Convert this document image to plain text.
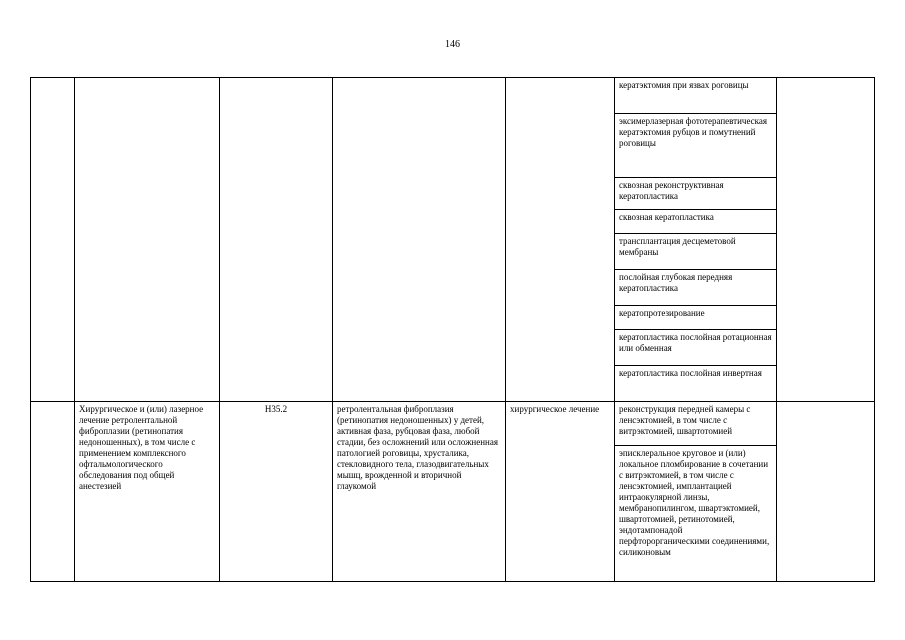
146
					кератэктомия при язвах роговицы	
					эксимерлазерная фототерапевтическая кератэктомия рубцов и помутнений роговицы	
					сквозная реконструктивная кератопластика	
					сквозная кератопластика	
					трансплантация десцеметовой мембраны	
					послойная глубокая передняя кератопластика	
					кератопротезирование	
					кератопластика послойная ротационная или обменная	
					кератопластика послойная инвертная	
	Хирургическое и (или) лазерное лечение ретролентальной фиброплазии (ретинопатия недоношенных), в том числе с применением комплексного офтальмологического обследования под общей анестезией	H35.2	ретролентальная фиброплазия (ретинопатия недоношенных) у детей, активная фаза, рубцовая фаза, любой стадии, без осложнений или осложненная патологией роговицы, хрусталика, стекловидного тела, глазодвигательных мышц, врожденной и вторичной глаукомой	хирургическое лечение	реконструкция передней камеры с ленсэктомией, в том числе с витрэктомией, швартотомией	
					эписклеральное круговое и (или) локальное пломбирование в сочетании с витрэктомией, в том числе с ленсэктомией, имплантацией интраокулярной линзы, мембранопилингом, швартэктомией, швартотомией, ретинотомией, эндотампонадой перфторорганическими соединениями, силиконовым	
